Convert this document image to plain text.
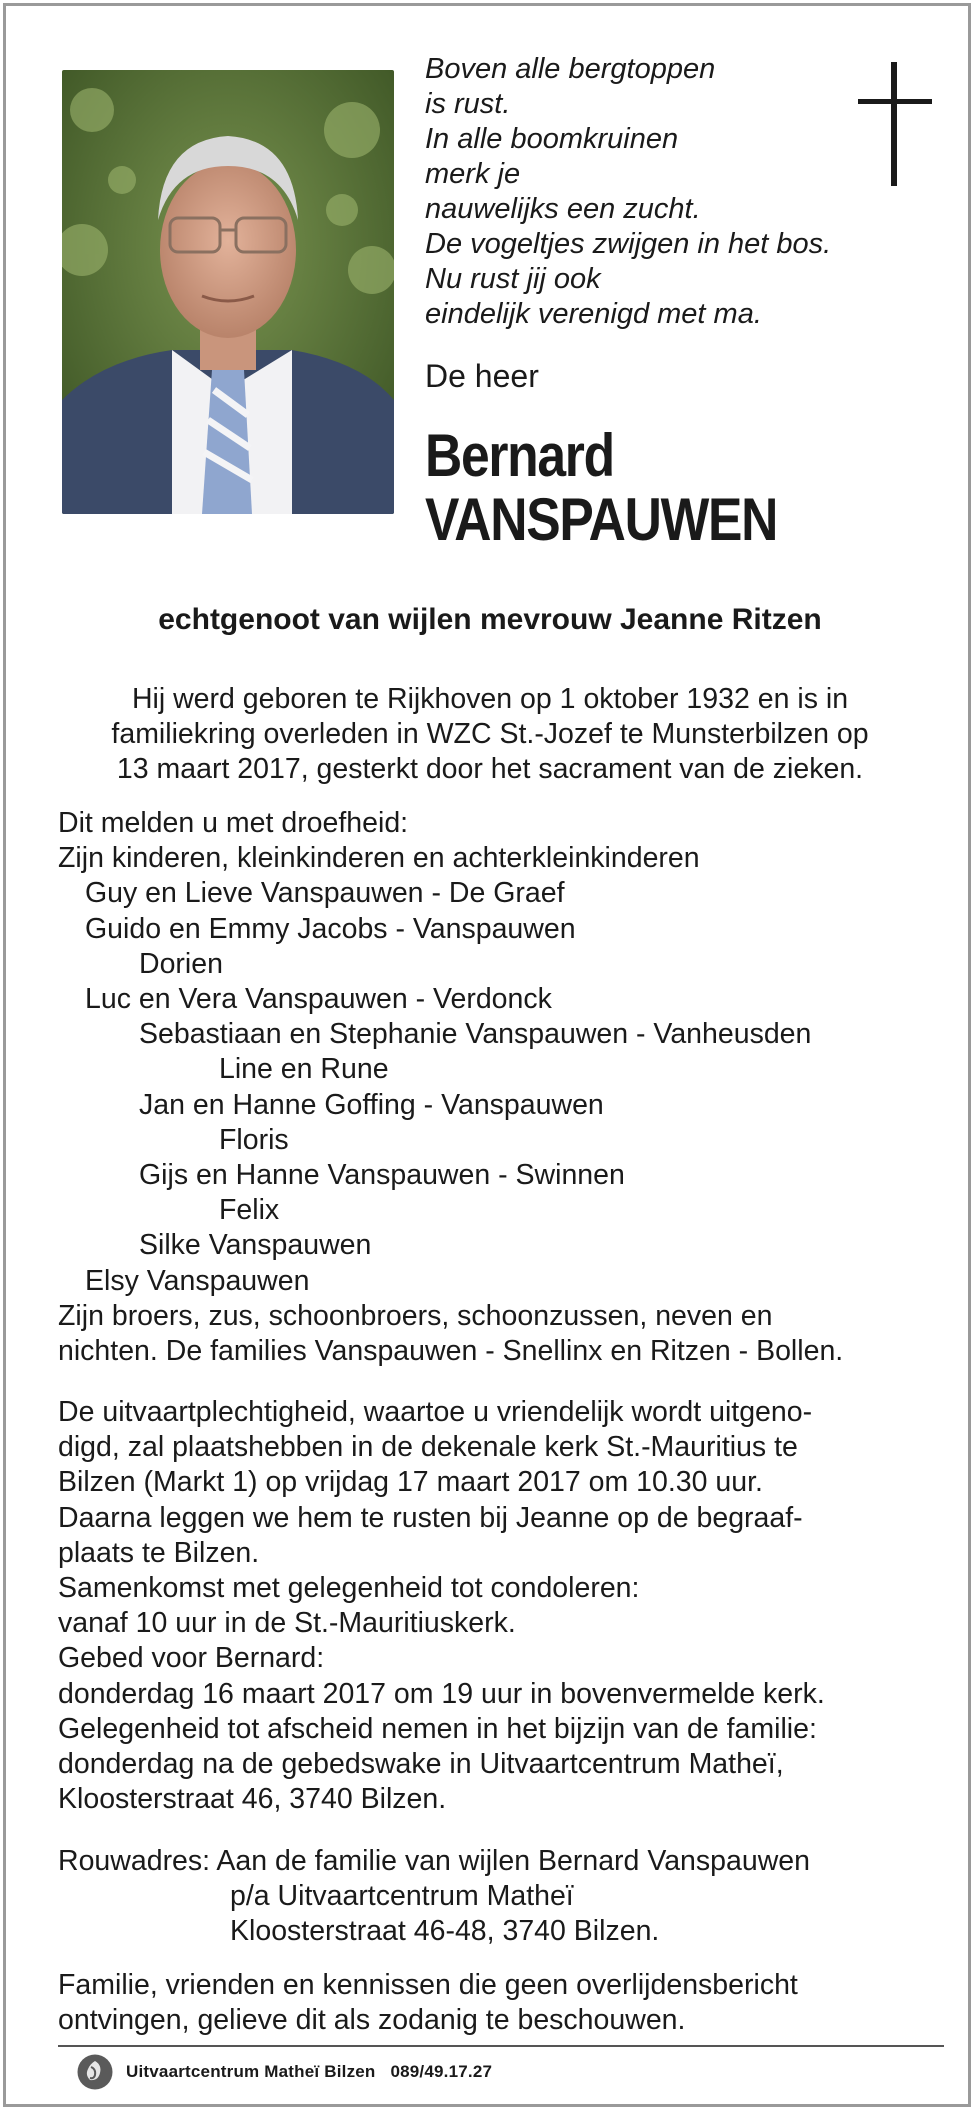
Boven alle bergtoppen
is rust.
In alle boomkruinen
merk je
nauwelijks een zucht.
De vogeltjes zwijgen in het bos.
Nu rust jij ook
eindelijk verenigd met ma.
De heer
Bernard
VANSPAUWEN
echtgenoot van wijlen mevrouw Jeanne Ritzen
Hij werd geboren te Rijkhoven op 1 oktober 1932 en is in
familiekring overleden in WZC St.-Jozef te Munsterbilzen op
13 maart 2017, gesterkt door het sacrament van de zieken.
Dit melden u met droefheid:
Zijn kinderen, kleinkinderen en achterkleinkinderen
Guy en Lieve Vanspauwen - De Graef
Guido en Emmy Jacobs - Vanspauwen
Dorien
Luc en Vera Vanspauwen - Verdonck
Sebastiaan en Stephanie Vanspauwen - Vanheusden
Line en Rune
Jan en Hanne Goffing - Vanspauwen
Floris
Gijs en Hanne Vanspauwen - Swinnen
Felix
Silke Vanspauwen
Elsy Vanspauwen
Zijn broers, zus, schoonbroers, schoonzussen, neven en
nichten. De families Vanspauwen - Snellinx en Ritzen - Bollen.
De uitvaartplechtigheid, waartoe u vriendelijk wordt uitgeno-
digd, zal plaatshebben in de dekenale kerk St.-Mauritius te
Bilzen (Markt 1) op vrijdag 17 maart 2017 om 10.30 uur.
Daarna leggen we hem te rusten bij Jeanne op de begraaf-
plaats te Bilzen.
Samenkomst met gelegenheid tot condoleren:
vanaf 10 uur in de St.-Mauritiuskerk.
Gebed voor Bernard:
donderdag 16 maart 2017 om 19 uur in bovenvermelde kerk.
Gelegenheid tot afscheid nemen in het bijzijn van de familie:
donderdag na de gebedswake in Uitvaartcentrum Matheï,
Kloosterstraat 46, 3740 Bilzen.
Rouwadres: Aan de familie van wijlen Bernard Vanspauwen
p/a Uitvaartcentrum Matheï
Kloosterstraat 46-48, 3740 Bilzen.
Familie, vrienden en kennissen die geen overlijdensbericht
ontvingen, gelieve dit als zodanig te beschouwen.
Uitvaartcentrum Matheï Bilzen 089/49.17.27
